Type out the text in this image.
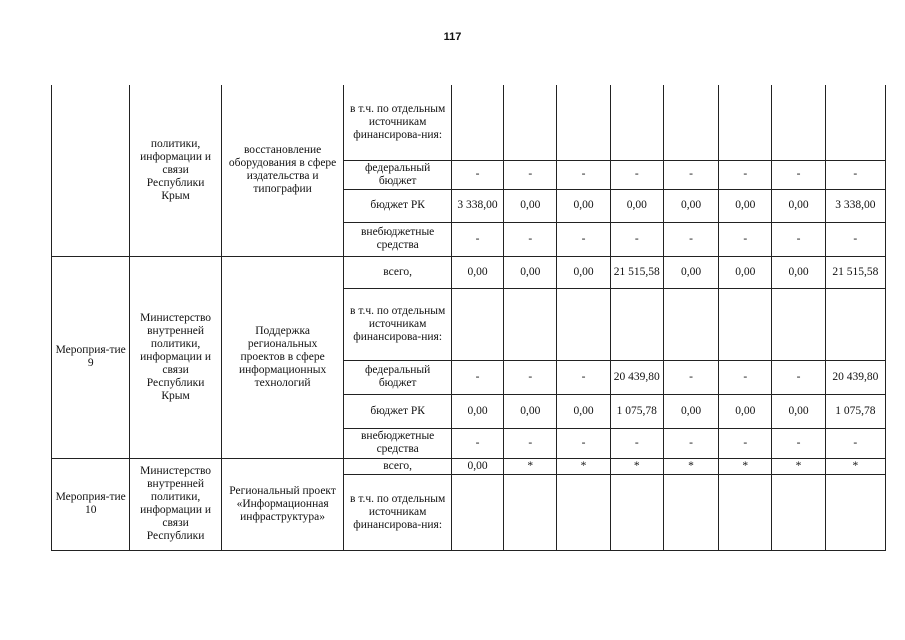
117
	политики, информации и связи Республики Крым	восстановление оборудования в сфере издательства и типографии	в т.ч. по отдельным источникам финансирова-ния:								
			федеральный бюджет	-	-	-	-	-	-	-	-
			бюджет РК	3 338,00	0,00	0,00	0,00	0,00	0,00	0,00	3 338,00
			внебюджетные средства	-	-	-	-	-	-	-	-
Мероприя-тие 9	Министерство внутренней политики, информации и связи Республики Крым	Поддержка региональных проектов в сфере информационных технологий	всего,	0,00	0,00	0,00	21 515,58	0,00	0,00	0,00	21 515,58
			в т.ч. по отдельным источникам финансирова-ния:								
			федеральный бюджет	-	-	-	20 439,80	-	-	-	20 439,80
			бюджет РК	0,00	0,00	0,00	1 075,78	0,00	0,00	0,00	1 075,78
			внебюджетные средства	-	-	-	-	-	-	-	-
Мероприя-тие 10	Министерство внутренней политики, информации и связи Республики	Региональный проект «Информационная инфраструктура»	всего,	0,00	*	*	*	*	*	*	*
			в т.ч. по отдельным источникам финансирова-ния:								
